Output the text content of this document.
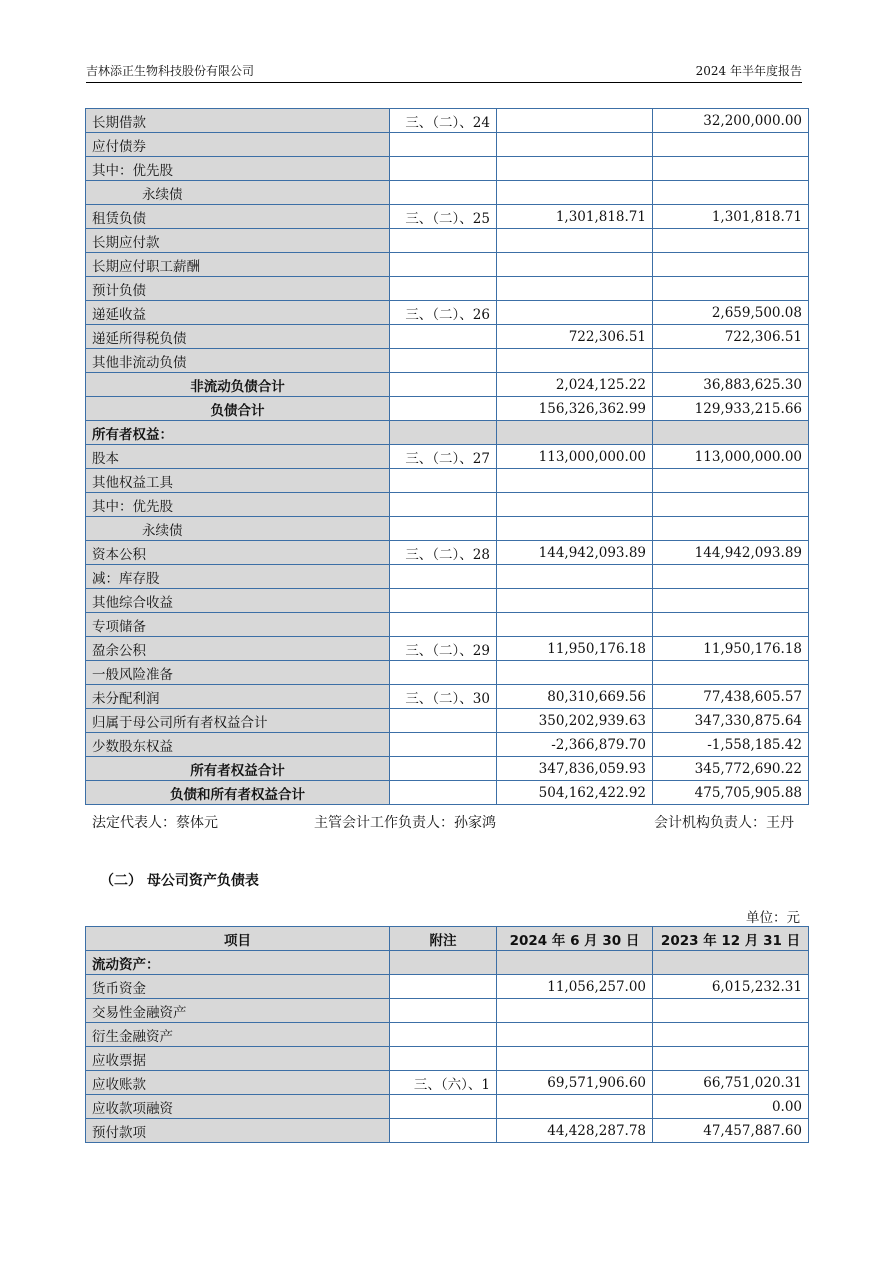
吉林添正生物科技股份有限公司	2024 年半年度报告
长期借款	三、（二）、24		32,200,000.00
应付债券			
其中：优先股			
永续债			
租赁负债	三、（二）、25	1,301,818.71	1,301,818.71
长期应付款			
长期应付职工薪酬			
预计负债			
递延收益	三、（二）、26		2,659,500.08
递延所得税负债		722,306.51	722,306.51
其他非流动负债			
非流动负债合计		2,024,125.22	36,883,625.30
负债合计		156,326,362.99	129,933,215.66
所有者权益：			
股本	三、（二）、27	113,000,000.00	113,000,000.00
其他权益工具			
其中：优先股			
永续债			
资本公积	三、（二）、28	144,942,093.89	144,942,093.89
减：库存股			
其他综合收益			
专项储备			
盈余公积	三、（二）、29	11,950,176.18	11,950,176.18
一般风险准备			
未分配利润	三、（二）、30	80,310,669.56	77,438,605.57
归属于母公司所有者权益合计		350,202,939.63	347,330,875.64
少数股东权益		-2,366,879.70	-1,558,185.42
所有者权益合计		347,836,059.93	345,772,690.22
负债和所有者权益合计		504,162,422.92	475,705,905.88
法定代表人：蔡体元	主管会计工作负责人：孙家鸿	会计机构负责人：王丹
（二） 母公司资产负债表
单位：元
项目	附注	2024 年 6 月 30 日	2023 年 12 月 31 日
流动资产：			
货币资金		11,056,257.00	6,015,232.31
交易性金融资产			
衍生金融资产			
应收票据			
应收账款	三、（六）、1	69,571,906.60	66,751,020.31
应收款项融资			0.00
预付款项		44,428,287.78	47,457,887.60
